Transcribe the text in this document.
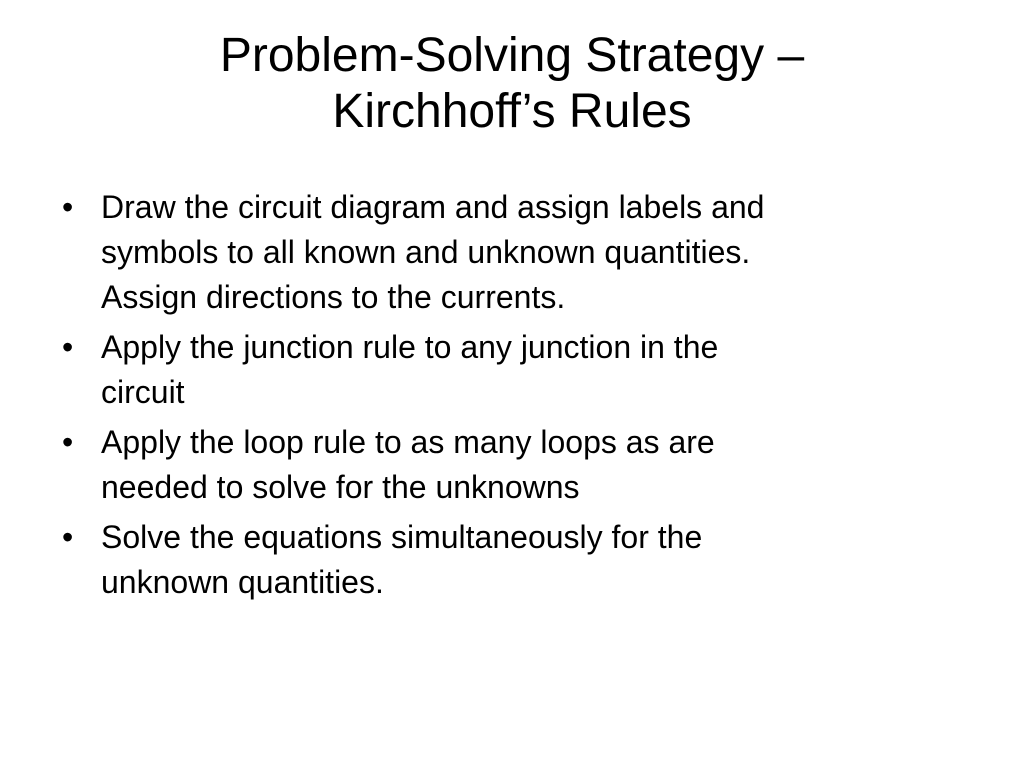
Problem-Solving Strategy –
Kirchhoff’s Rules
• Draw the circuit diagram and assign labels and
symbols to all known and unknown quantities.
Assign directions to the currents.
• Apply the junction rule to any junction in the
circuit
• Apply the loop rule to as many loops as are
needed to solve for the unknowns
• Solve the equations simultaneously for the
unknown quantities.
